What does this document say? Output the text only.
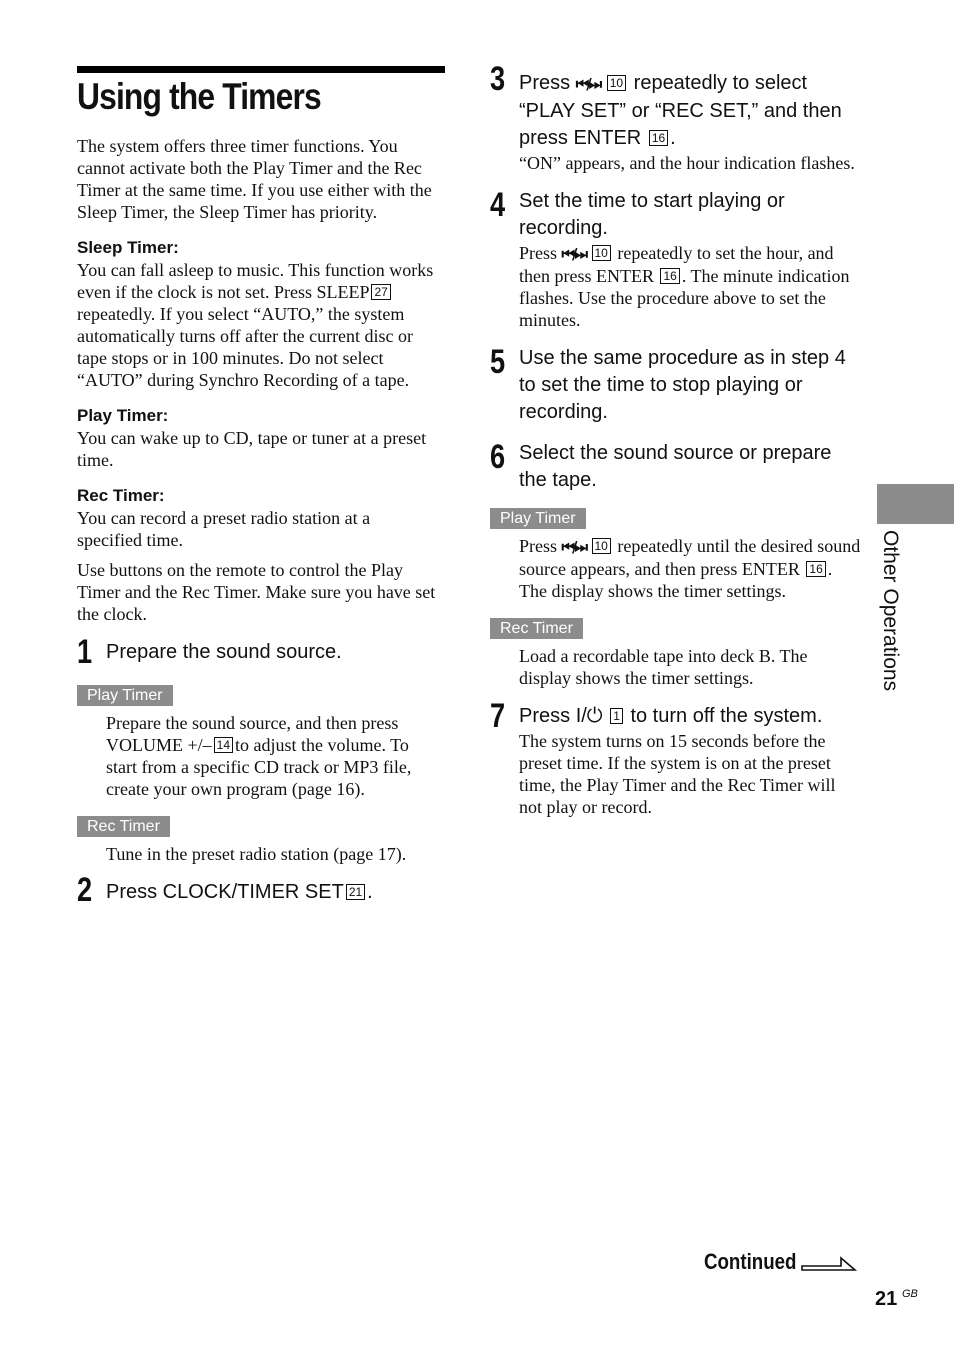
Using the Timers

The system offers three timer functions. You cannot activate both the Play Timer and the Rec Timer at the same time. If you use either with the Sleep Timer, the Sleep Timer has priority.

Sleep Timer:

You can fall asleep to music. This function works even if the clock is not set. Press SLEEP 27repeatedly. If you select “AUTO,” the system automatically turns off after the current disc or tape stops or in 100 minutes. Do not select “AUTO” during Synchro Recording of a tape.

Play Timer:

You can wake up to CD, tape or tuner at a preset time.

Rec Timer:

You can record a preset radio station at a specified time.

Use buttons on the remote to control the Play Timer and the Rec Timer. Make sure you have set the clock.

1 Prepare the sound source.
Play Timer

Prepare the sound source, and then press VOLUME +/– 14 to adjust the volume. To start from a specific CD track or MP3 file, create your own program (page 16).

Rec Timer

Tune in the preset radio station (page 17).

2 Press CLOCK/TIMER SET 21 .
3 Press ⏮/⏭ 10 repeatedly to select “PLAY SET” or “REC SET,” and then press ENTER 16 .

“ON” appears, and the hour indication flashes.

4 Set the time to start playing or recording.

Press ⏮/⏭ 10 repeatedly to set the hour, and then press ENTER 16 . The minute indication flashes. Use the procedure above to set the minutes.

5 Use the same procedure as in step 4 to set the time to stop playing or recording.
6 Select the sound source or prepare the tape.
Play Timer

Press ⏮/⏭ 10 repeatedly until the desired sound source appears, and then press ENTER 16 . The display shows the timer settings.

Rec Timer

Load a recordable tape into deck B. The display shows the timer settings.

7 Press I/⏻ 1 to turn off the system.

The system turns on 15 seconds before the preset time. If the system is on at the preset time, the Play Timer and the Rec Timer will not play or record.

Other Operations
Continued
21 GB
